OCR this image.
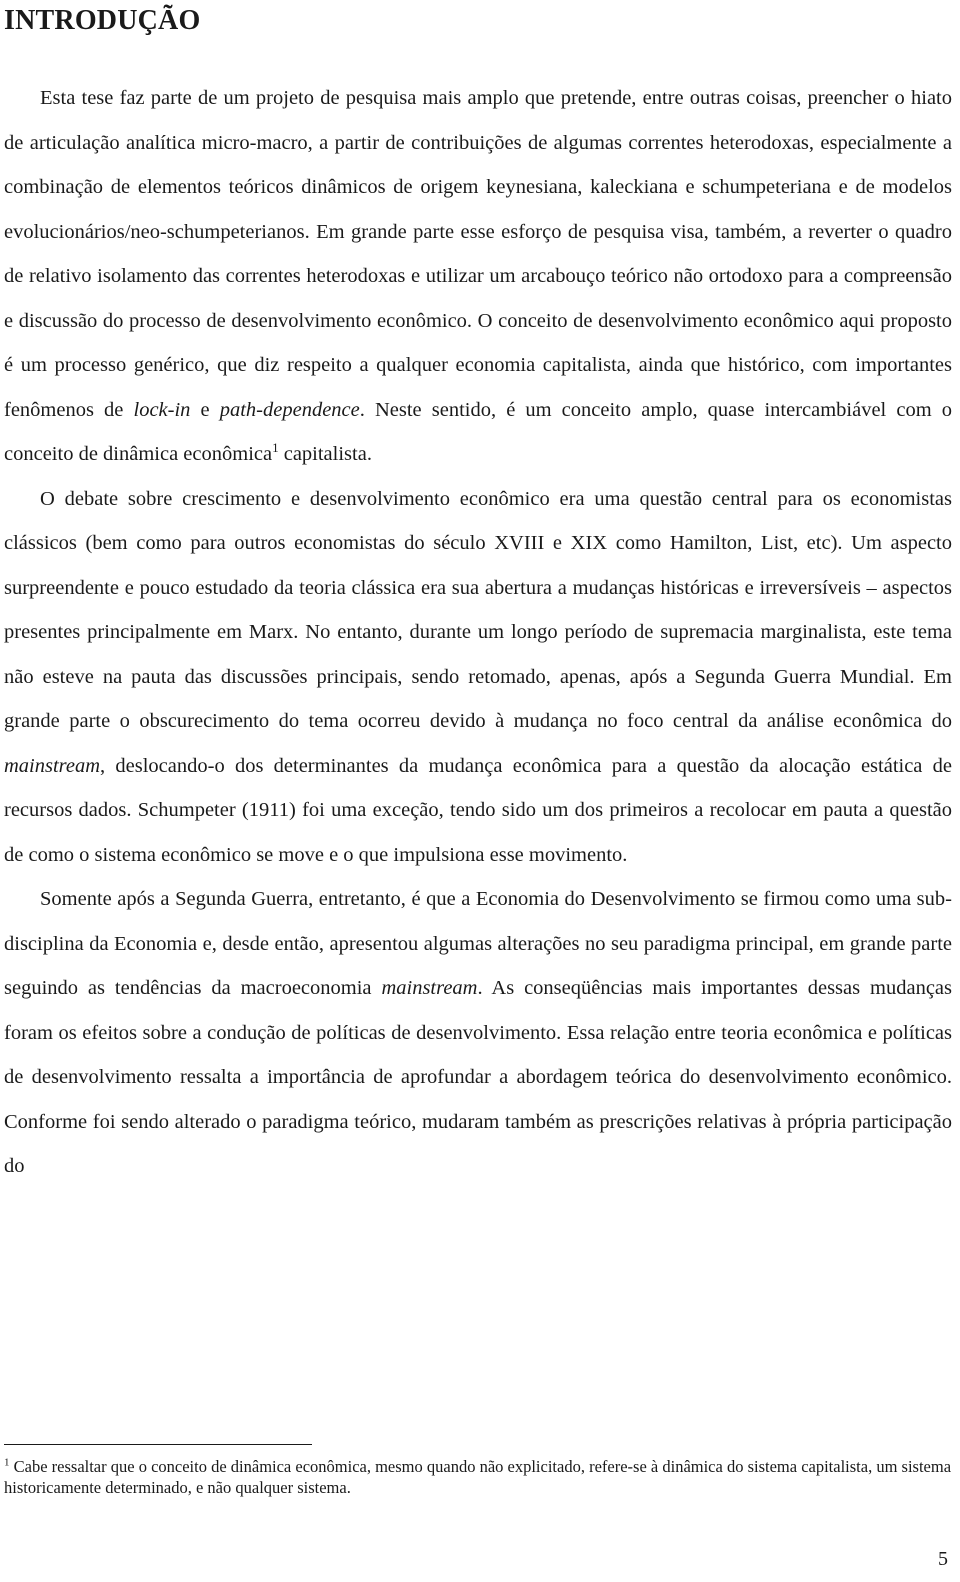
INTRODUÇÃO

Esta tese faz parte de um projeto de pesquisa mais amplo que pretende, entre outras coisas, preencher o hiato de articulação analítica micro-macro, a partir de contribuições de algumas correntes heterodoxas, especialmente a combinação de elementos teóricos dinâmicos de origem keynesiana, kaleckiana e schumpeteriana e de modelos evolucionários/neo-schumpeterianos. Em grande parte esse esforço de pesquisa visa, também, a reverter o quadro de relativo isolamento das correntes heterodoxas e utilizar um arcabouço teórico não ortodoxo para a compreensão e discussão do processo de desenvolvimento econômico. O conceito de desenvolvimento econômico aqui proposto é um processo genérico, que diz respeito a qualquer economia capitalista, ainda que histórico, com importantes fenômenos de lock-in e path-dependence. Neste sentido, é um conceito amplo, quase intercambiável com o conceito de dinâmica econômica$^1$ capitalista.

O debate sobre crescimento e desenvolvimento econômico era uma questão central para os economistas clássicos (bem como para outros economistas do século XVIII e XIX como Hamilton, List, etc). Um aspecto surpreendente e pouco estudado da teoria clássica era sua abertura a mudanças históricas e irreversíveis – aspectos presentes principalmente em Marx. No entanto, durante um longo período de supremacia marginalista, este tema não esteve na pauta das discussões principais, sendo retomado, apenas, após a Segunda Guerra Mundial. Em grande parte o obscurecimento do tema ocorreu devido à mudança no foco central da análise econômica do mainstream, deslocando-o dos determinantes da mudança econômica para a questão da alocação estática de recursos dados. Schumpeter (1911) foi uma exceção, tendo sido um dos primeiros a recolocar em pauta a questão de como o sistema econômico se move e o que impulsiona esse movimento.

Somente após a Segunda Guerra, entretanto, é que a Economia do Desenvolvimento se firmou como uma sub-disciplina da Economia e, desde então, apresentou algumas alterações no seu paradigma principal, em grande parte seguindo as tendências da macroeconomia mainstream. As conseqüências mais importantes dessas mudanças foram os efeitos sobre a condução de políticas de desenvolvimento. Essa relação entre teoria econômica e políticas de desenvolvimento ressalta a importância de aprofundar a abordagem teórica do desenvolvimento econômico. Conforme foi sendo alterado o paradigma teórico, mudaram também as prescrições relativas à própria participação do

$^1$ Cabe ressaltar que o conceito de dinâmica econômica, mesmo quando não explicitado, refere-se à dinâmica do sistema capitalista, um sistema historicamente determinado, e não qualquer sistema.
5
